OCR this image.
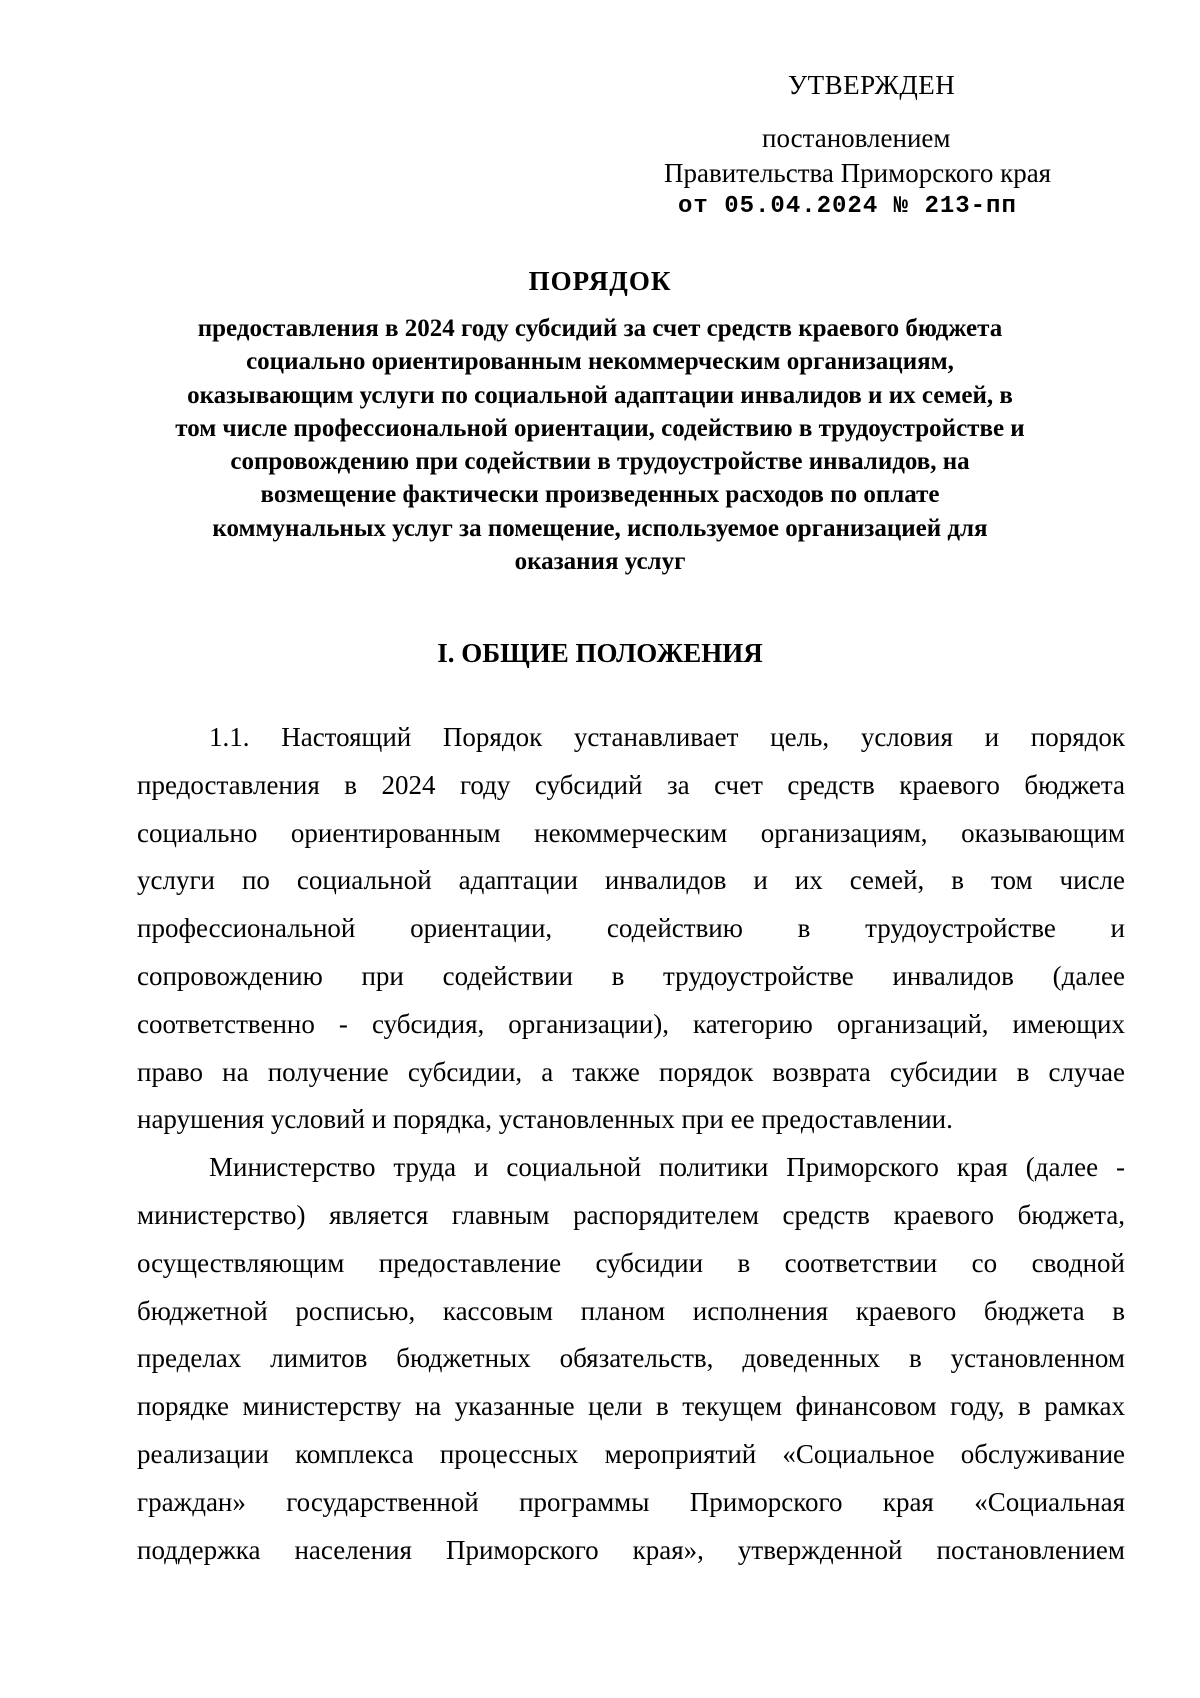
УТВЕРЖДЕН
постановлением
Правительства Приморского края
от 05.04.2024 № 213-пп
ПОРЯДОК
предоставления в 2024 году субсидий за счет средств краевого бюджета
социально ориентированным некоммерческим организациям,
оказывающим услуги по социальной адаптации инвалидов и их семей, в
том числе профессиональной ориентации, содействию в трудоустройстве и
сопровождению при содействии в трудоустройстве инвалидов, на
возмещение фактически произведенных расходов по оплате
коммунальных услуг за помещение, используемое организацией для
оказания услуг
I. ОБЩИЕ ПОЛОЖЕНИЯ

1.1. Настоящий Порядок устанавливает цель, условия и порядок
предоставления в 2024 году субсидий за счет средств краевого бюджета
социально ориентированным некоммерческим организациям, оказывающим
услуги по социальной адаптации инвалидов и их семей, в том числе
профессиональной ориентации, содействию в трудоустройстве и
сопровождению при содействии в трудоустройстве инвалидов (далее
соответственно - субсидия, организации), категорию организаций, имеющих
право на получение субсидии, а также порядок возврата субсидии в случае
нарушения условий и порядка, установленных при ее предоставлении.

Министерство труда и социальной политики Приморского края (далее -
министерство) является главным распорядителем средств краевого бюджета,
осуществляющим предоставление субсидии в соответствии со сводной
бюджетной росписью, кассовым планом исполнения краевого бюджета в
пределах лимитов бюджетных обязательств, доведенных в установленном
порядке министерству на указанные цели в текущем финансовом году, в рамках
реализации комплекса процессных мероприятий «Социальное обслуживание
граждан» государственной программы Приморского края «Социальная
поддержка населения Приморского края», утвержденной постановлением
